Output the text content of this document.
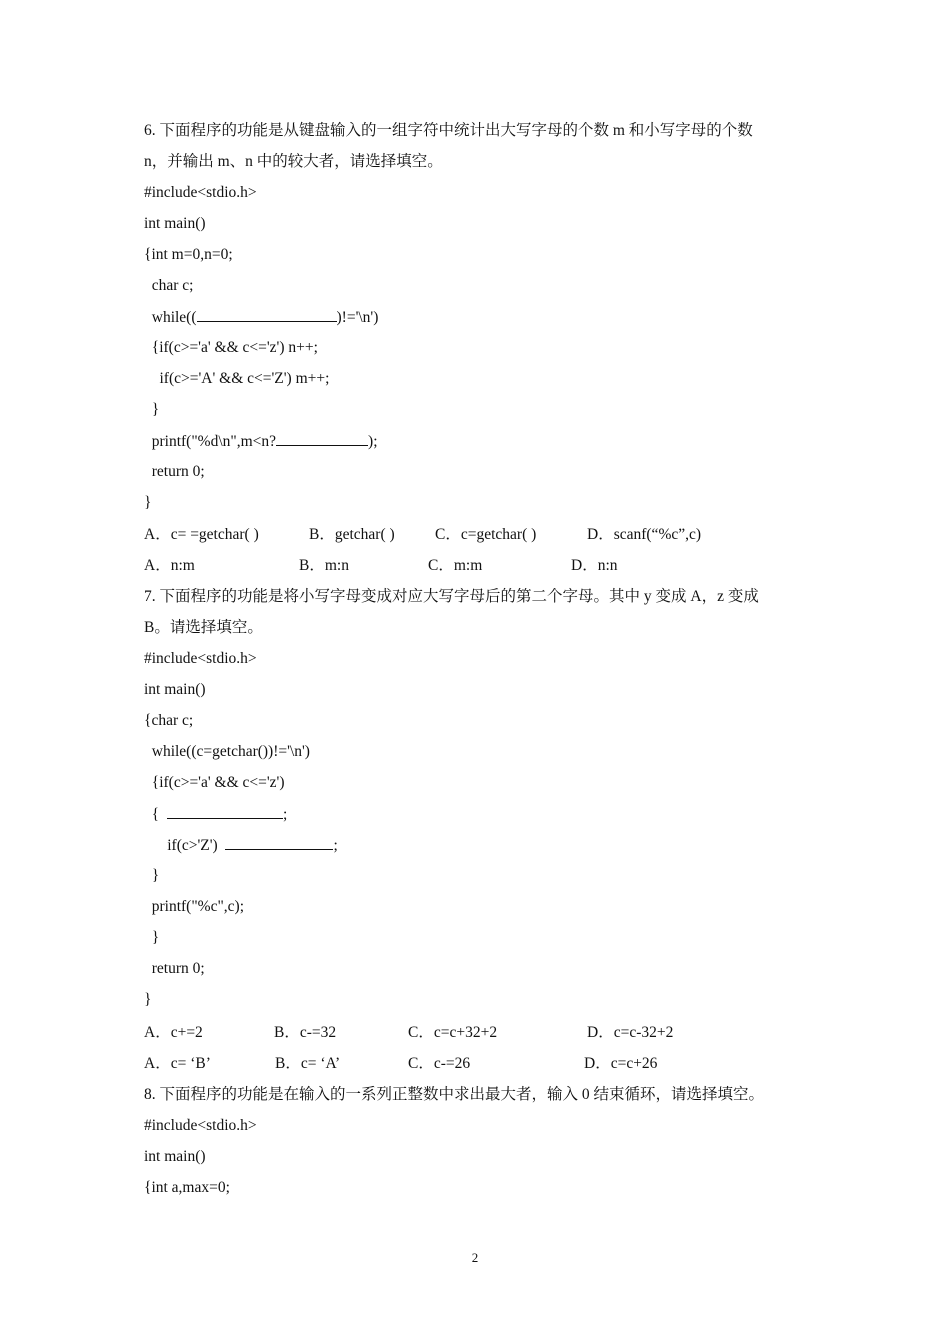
6. 下面程序的功能是从键盘输入的一组字符中统计出大写字母的个数 m 和小写字母的个数
n，并输出 m、n 中的较大者，请选择填空。
#include<stdio.h>
int main()
{int m=0,n=0;
char c;
while((	)!='\n')
{if(c>='a' && c<='z') n++;
if(c>='A' && c<='Z') m++;
}
printf("%d\n",m<n?	);
return 0;
}

A．c= =getchar( )

	B．getchar( )

	C．c=getchar( )

	D．scanf(“%c”,c)

A．n:m

	B．m:n

	C．m:m

	D．n:n

7. 下面程序的功能是将小写字母变成对应大写字母后的第二个字母。其中 y 变成 A，z 变成
B。请选择填空。
#include<stdio.h>
int main()
{char c;
while((c=getchar())!='\n')
{if(c>='a' && c<='z')
{	;
if(c>'Z')	;
}
printf("%c",c);
}
return 0;
}

A．c+=2

	B．c-=32

	C．c=c+32+2

	D．c=c-32+2

A．c= ‘B’

	B．c= ‘A’

	C．c-=26

	D．c=c+26

8. 下面程序的功能是在输入的一系列正整数中求出最大者，输入 0 结束循环，请选择填空。
#include<stdio.h>
int main()
{int a,max=0;
2
